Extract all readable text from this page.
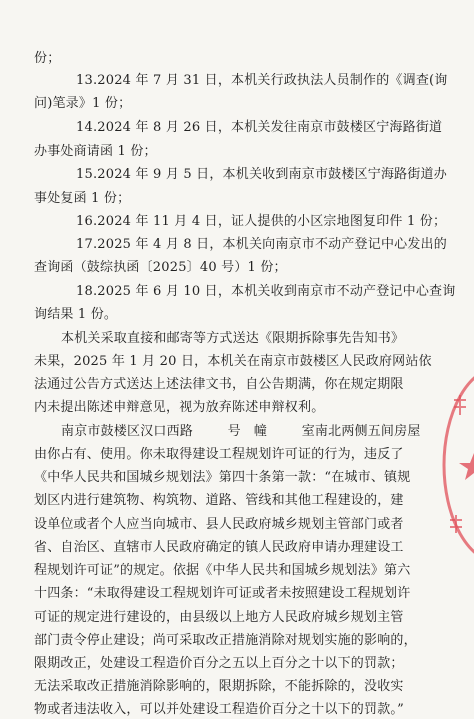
份；
13.2024 年 7 月 31 日，本机关行政执法人员制作的《调查(询
问)笔录》1 份；
14.2024 年 8 月 26 日，本机关发往南京市鼓楼区宁海路街道
办事处商请函 1 份；
15.2024 年 9 月 5 日，本机关收到南京市鼓楼区宁海路街道办
事处复函 1 份；
16.2024 年 11 月 4 日，证人提供的小区宗地图复印件 1 份；
17.2025 年 4 月 8 日，本机关向南京市不动产登记中心发出的
查询函（鼓综执函〔2025〕40 号）1 份；
18.2025 年 6 月 10 日，本机关收到南京市不动产登记中心查询
询结果 1 份。
本机关采取直接和邮寄等方式送达《限期拆除事先告知书》
未果，2025 年 1 月 20 日，本机关在南京市鼓楼区人民政府网站依
法通过公告方式送达上述法律文书，自公告期满，你在规定期限
内未提出陈述申辩意见，视为放弃陈述申辩权利。
南京市鼓楼区汉口西路        号   幢        室南北两侧五间房屋
由你占有、使用。你未取得建设工程规划许可证的行为，违反了
《中华人民共和国城乡规划法》第四十条第一款：“在城市、镇规
划区内进行建筑物、构筑物、道路、管线和其他工程建设的，建
设单位或者个人应当向城市、县人民政府城乡规划主管部门或者
省、自治区、直辖市人民政府确定的镇人民政府申请办理建设工
程规划许可证”的规定。依据《中华人民共和国城乡规划法》第六
十四条：“未取得建设工程规划许可证或者未按照建设工程规划许
可证的规定进行建设的，由县级以上地方人民政府城乡规划主管
部门责令停止建设；尚可采取改正措施消除对规划实施的影响的，
限期改正，处建设工程造价百分之五以上百分之十以下的罚款；
无法采取改正措施消除影响的，限期拆除，不能拆除的，没收实
物或者违法收入，可以并处建设工程造价百分之十以下的罚款。”
